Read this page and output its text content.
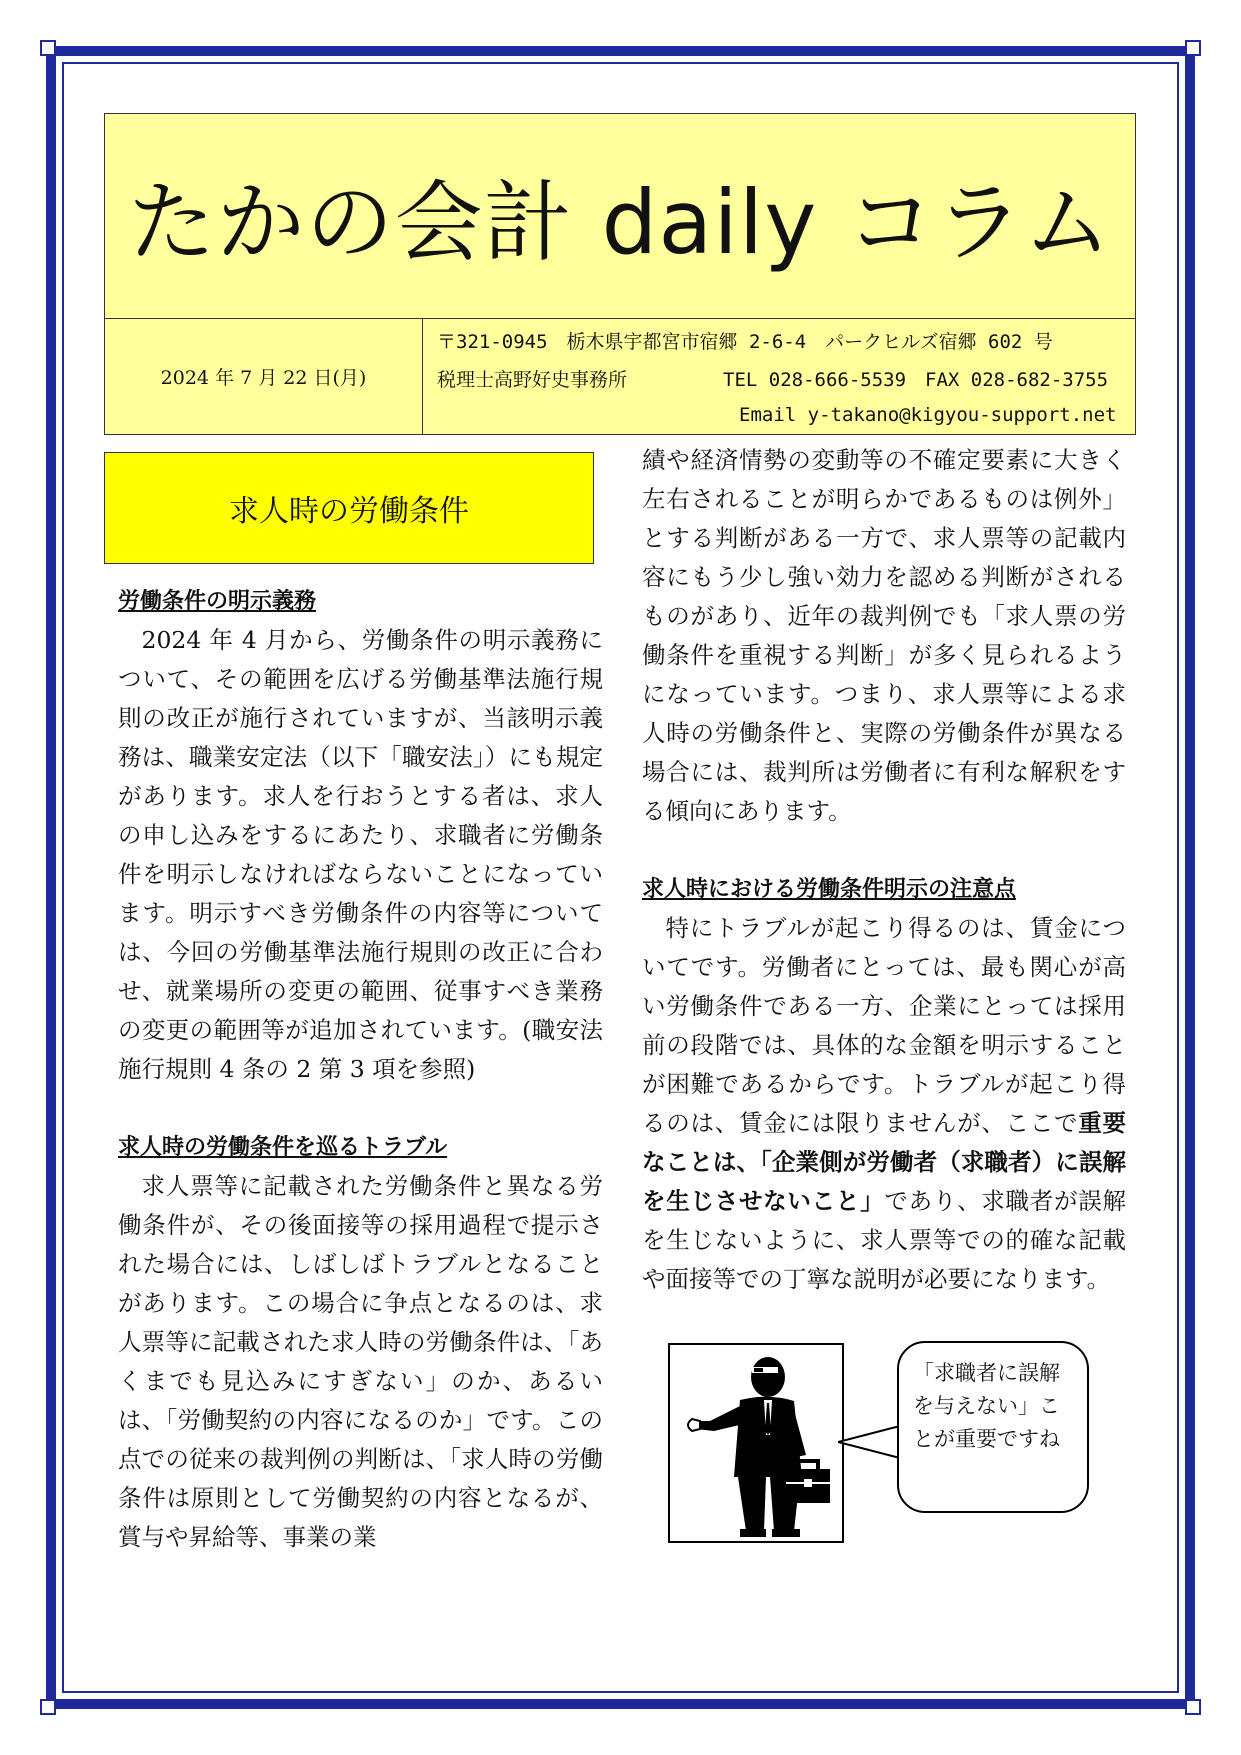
たかの会計 daily コラム
2024 年 7 月 22 日(月)
〒321-0945　栃木県宇都宮市宿郷 2-6-4　パークヒルズ宿郷 602 号
税理士高野好史事務所	TEL 028-666-5539　FAX 028-682-3755
Email y-takano@kigyou-support.net
求人時の労働条件
労働条件の明示義務
2024 年 4 月から、労働条件の明示義務について、その範囲を広げる労働基準法施行規則の改正が施行されていますが、当該明示義務は、職業安定法（以下「職安法」）にも規定があります。求人を行おうとする者は、求人の申し込みをするにあたり、求職者に労働条件を明示しなければならないことになっています。明示すべき労働条件の内容等については、今回の労働基準法施行規則の改正に合わせ、就業場所の変更の範囲、従事すべき業務の変更の範囲等が追加されています。(職安法施行規則 4 条の 2 第 3 項を参照)
求人時の労働条件を巡るトラブル
求人票等に記載された労働条件と異なる労働条件が、その後面接等の採用過程で提示された場合には、しばしばトラブルとなることがあります。この場合に争点となるのは、求人票等に記載された求人時の労働条件は、「あくまでも見込みにすぎない」のか、あるいは、「労働契約の内容になるのか」です。この点での従来の裁判例の判断は、「求人時の労働条件は原則として労働契約の内容となるが、賞与や昇給等、事業の業
績や経済情勢の変動等の不確定要素に大きく左右されることが明らかであるものは例外」とする判断がある一方で、求人票等の記載内容にもう少し強い効力を認める判断がされるものがあり、近年の裁判例でも「求人票の労働条件を重視する判断」が多く見られるようになっています。つまり、求人票等による求人時の労働条件と、実際の労働条件が異なる場合には、裁判所は労働者に有利な解釈をする傾向にあります。
求人時における労働条件明示の注意点
特にトラブルが起こり得るのは、賃金についてです。労働者にとっては、最も関心が高い労働条件である一方、企業にとっては採用前の段階では、具体的な金額を明示することが困難であるからです。トラブルが起こり得るのは、賃金には限りませんが、ここで重要なことは、「企業側が労働者（求職者）に誤解を生じさせないこと」であり、求職者が誤解を生じないように、求人票等での的確な記載や面接等での丁寧な説明が必要になります。
「求職者に誤解を与えない」ことが重要ですね
